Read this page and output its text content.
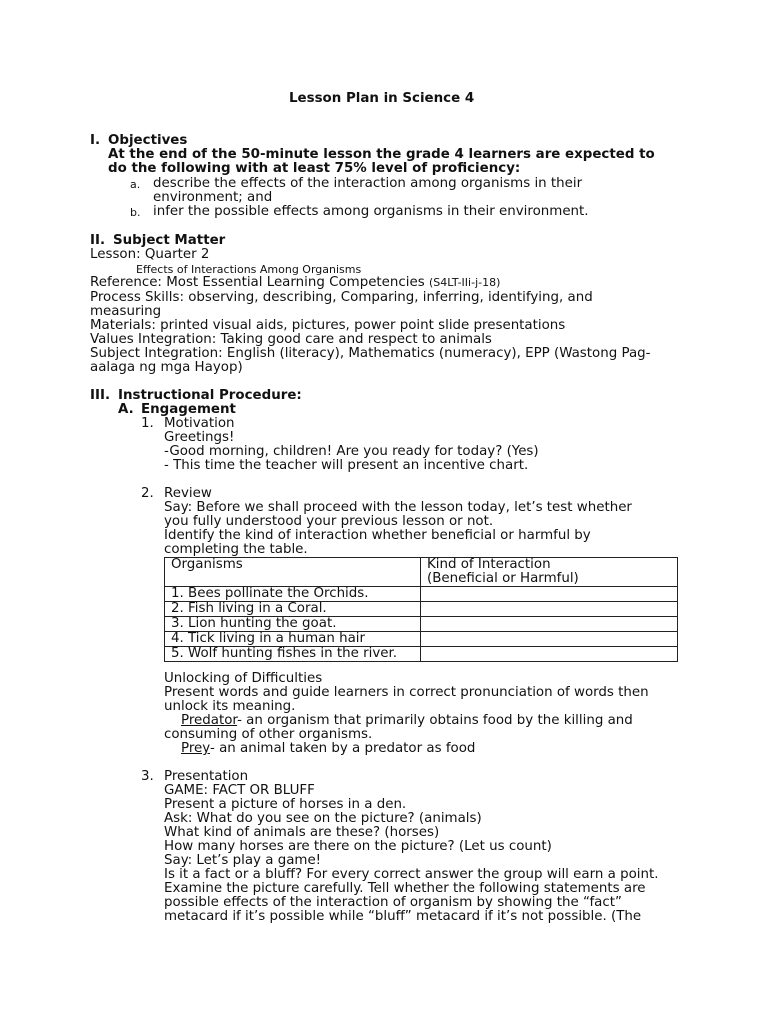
Lesson Plan in Science 4
I. Objectives
At the end of the 50-minute lesson the grade 4 learners are expected to
do the following with at least 75% level of proficiency:
a. describe the effects of the interaction among organisms in their
environment; and
b. infer the possible effects among organisms in their environment.
II. Subject Matter
Lesson: Quarter 2
Effects of Interactions Among Organisms
Reference: Most Essential Learning Competencies (S4LT-IIi-j-18)
Process Skills: observing, describing, Comparing, inferring, identifying, and
measuring
Materials: printed visual aids, pictures, power point slide presentations
Values Integration: Taking good care and respect to animals
Subject Integration: English (literacy), Mathematics (numeracy), EPP (Wastong Pag-
aalaga ng mga Hayop)
III. Instructional Procedure:
A. Engagement
1. Motivation
Greetings!
-Good morning, children! Are you ready for today? (Yes)
- This time the teacher will present an incentive chart.
2. Review
Say: Before we shall proceed with the lesson today, let’s test whether
you fully understood your previous lesson or not.
Identify the kind of interaction whether beneficial or harmful by
completing the table.
Organisms	Kind of Interaction
(Beneficial or Harmful)

1. Bees pollinate the Orchids.	
2. Fish living in a Coral.	
3. Lion hunting the goat.	
4. Tick living in a human hair	
5. Wolf hunting fishes in the river.	
Unlocking of Difficulties
Present words and guide learners in correct pronunciation of words then
unlock its meaning.
Predator- an organism that primarily obtains food by the killing and
consuming of other organisms.
Prey- an animal taken by a predator as food
3. Presentation
GAME: FACT OR BLUFF
Present a picture of horses in a den.
Ask: What do you see on the picture? (animals)
What kind of animals are these? (horses)
How many horses are there on the picture? (Let us count)
Say: Let’s play a game!
Is it a fact or a bluff? For every correct answer the group will earn a point.
Examine the picture carefully. Tell whether the following statements are
possible effects of the interaction of organism by showing the “fact”
metacard if it’s possible while “bluff” metacard if it’s not possible. (The
